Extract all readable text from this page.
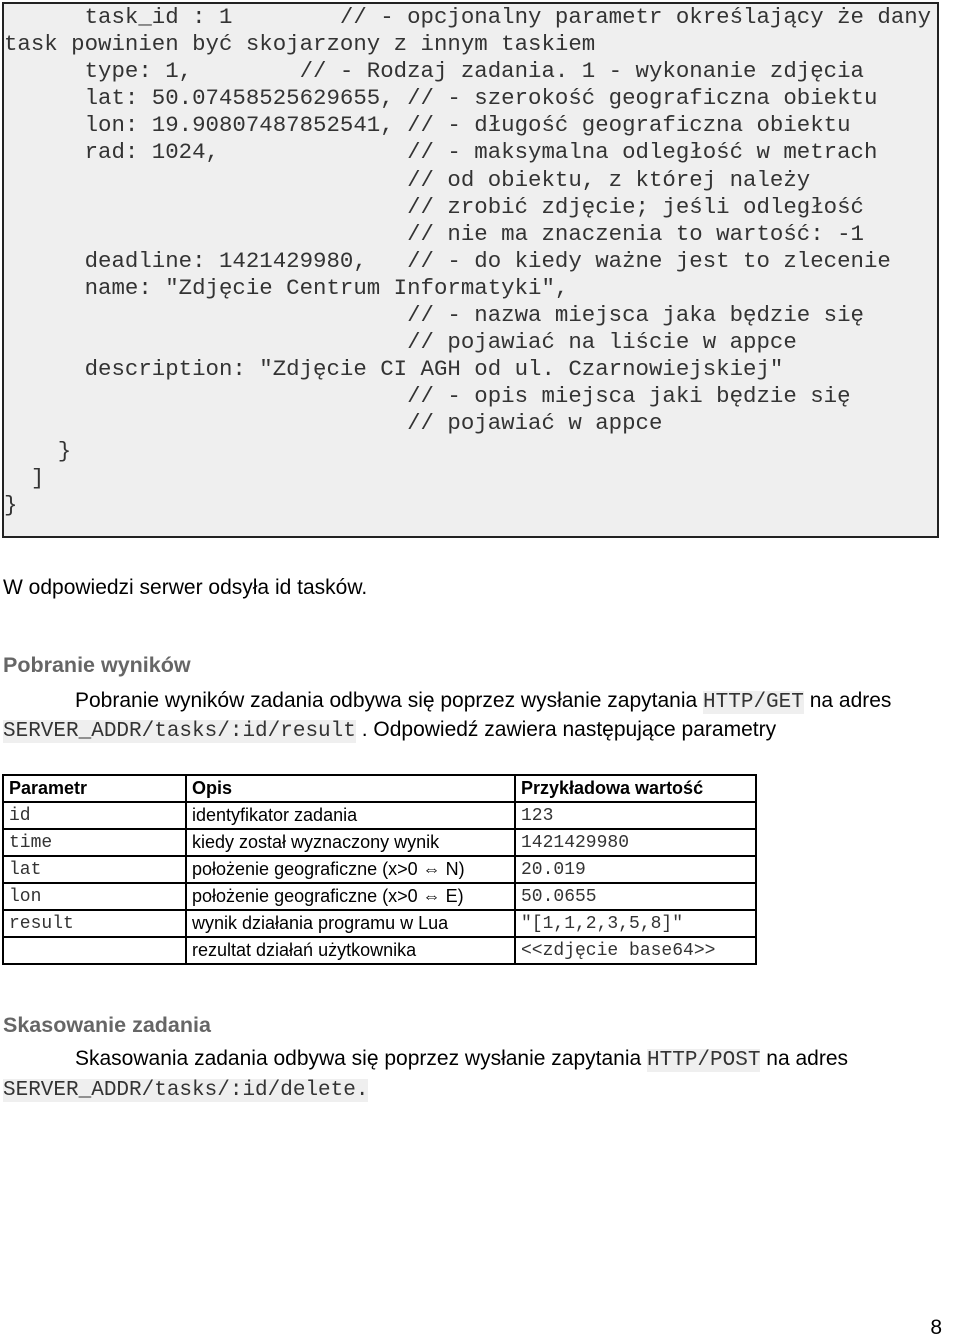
task_id : 1        // - opcjonalny parametr określający że dany
task powinien być skojarzony z innym taskiem
type: 1,        // - Rodzaj zadania. 1 - wykonanie zdjęcia
lat: 50.07458525629655, // - szerokość geograficzna obiektu
lon: 19.90807487852541, // - długość geograficzna obiektu
rad: 1024,              // - maksymalna odległość w metrach
// od obiektu, z której należy
// zrobić zdjęcie; jeśli odległość
// nie ma znaczenia to wartość: -1
deadline: 1421429980,   // - do kiedy ważne jest to zlecenie
name: "Zdjęcie Centrum Informatyki",
// - nazwa miejsca jaka będzie się
// pojawiać na liście w appce
description: "Zdjęcie CI AGH od ul. Czarnowiejskiej"
// - opis miejsca jaki będzie się
// pojawiać w appce
}
]
}
W odpowiedzi serwer odsyła id tasków.
Pobranie wyników
Pobranie wyników zadania odbywa się poprzez wysłanie zapytania HTTP/GET na adres
SERVER_ADDR/tasks/:id/result . Odpowiedź zawiera następujące parametry
Parametr	Opis	Przykładowa wartość
id	identyfikator zadania	123
time	kiedy został wyznaczony wynik	1421429980
lat	położenie geograficzne (x>0 ⇔ N)	20.019
lon	położenie geograficzne (x>0 ⇔ E)	50.0655
result	wynik działania programu w Lua	"[1,1,2,3,5,8]"
	rezultat działań użytkownika	<<zdjęcie base64>>
Skasowanie zadania
Skasowania zadania odbywa się poprzez wysłanie zapytania HTTP/POST na adres
SERVER_ADDR/tasks/:id/delete.
8
